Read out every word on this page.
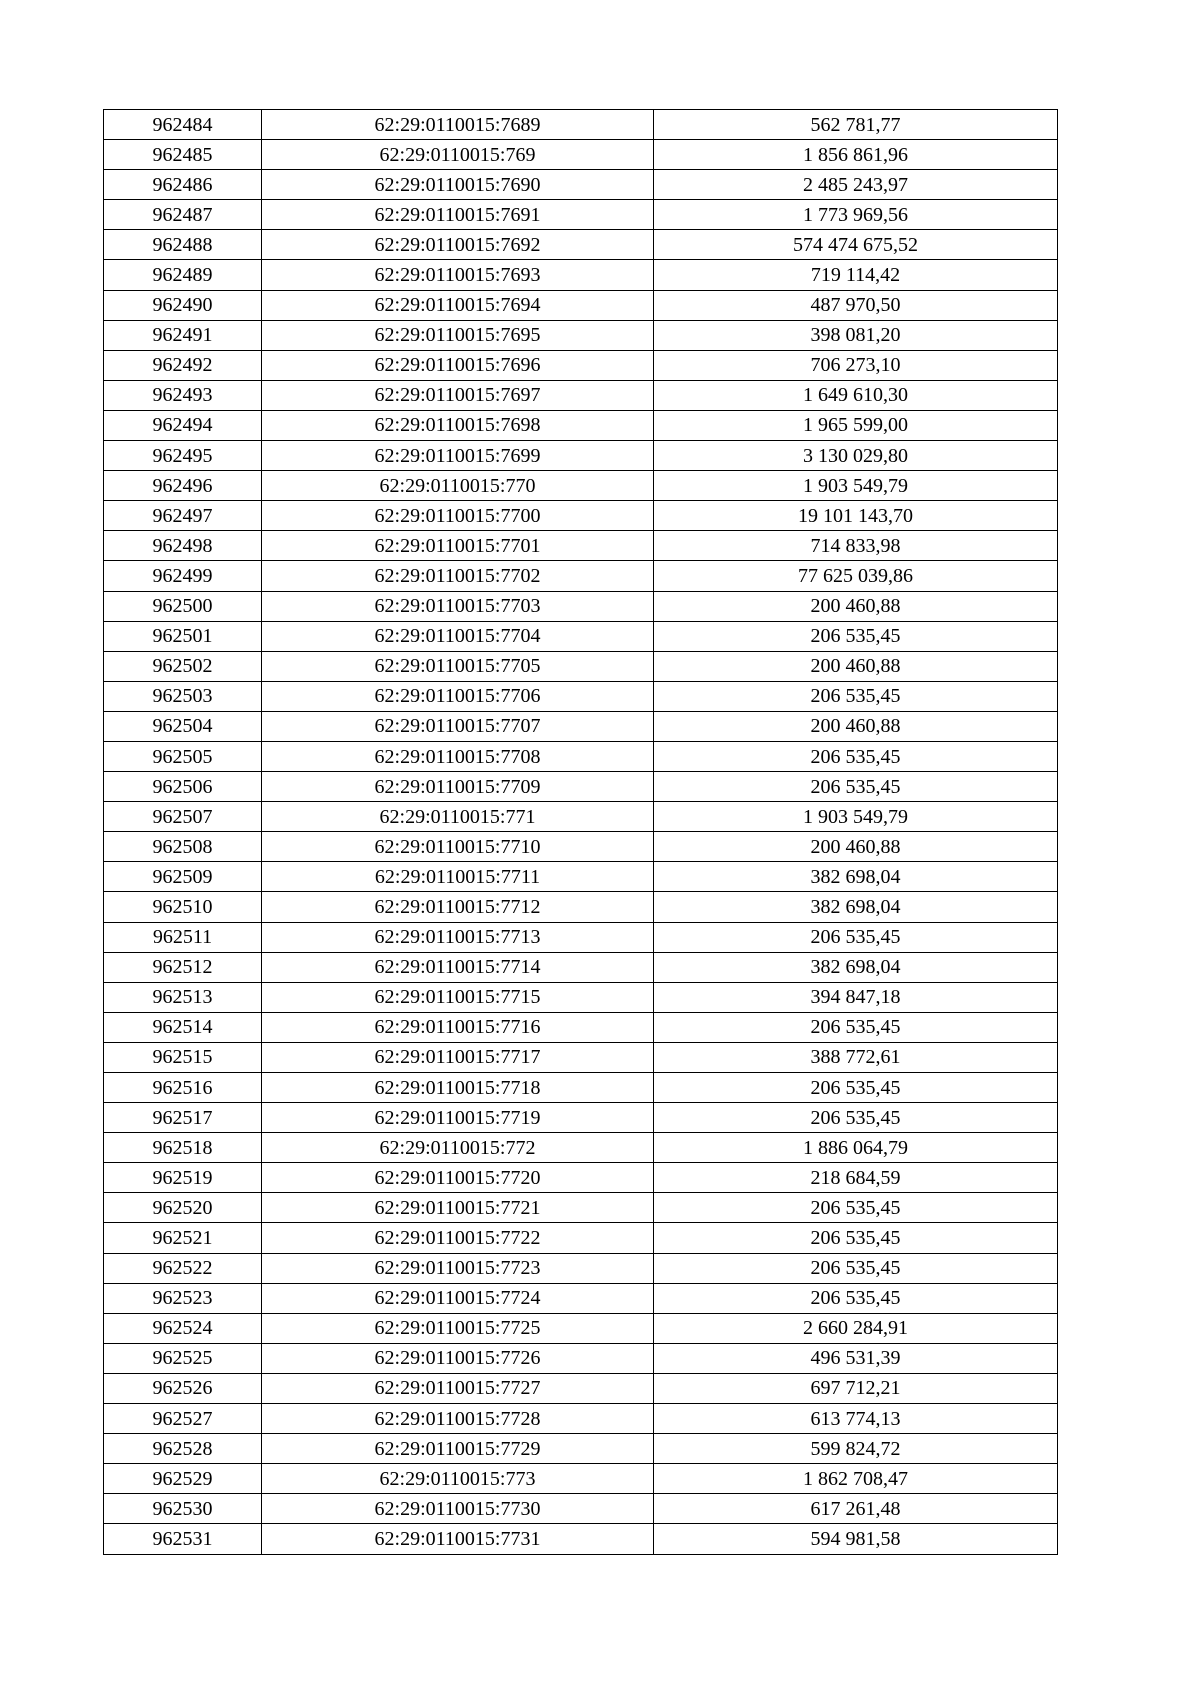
962484	62:29:0110015:7689	562 781,77
962485	62:29:0110015:769	1 856 861,96
962486	62:29:0110015:7690	2 485 243,97
962487	62:29:0110015:7691	1 773 969,56
962488	62:29:0110015:7692	574 474 675,52
962489	62:29:0110015:7693	719 114,42
962490	62:29:0110015:7694	487 970,50
962491	62:29:0110015:7695	398 081,20
962492	62:29:0110015:7696	706 273,10
962493	62:29:0110015:7697	1 649 610,30
962494	62:29:0110015:7698	1 965 599,00
962495	62:29:0110015:7699	3 130 029,80
962496	62:29:0110015:770	1 903 549,79
962497	62:29:0110015:7700	19 101 143,70
962498	62:29:0110015:7701	714 833,98
962499	62:29:0110015:7702	77 625 039,86
962500	62:29:0110015:7703	200 460,88
962501	62:29:0110015:7704	206 535,45
962502	62:29:0110015:7705	200 460,88
962503	62:29:0110015:7706	206 535,45
962504	62:29:0110015:7707	200 460,88
962505	62:29:0110015:7708	206 535,45
962506	62:29:0110015:7709	206 535,45
962507	62:29:0110015:771	1 903 549,79
962508	62:29:0110015:7710	200 460,88
962509	62:29:0110015:7711	382 698,04
962510	62:29:0110015:7712	382 698,04
962511	62:29:0110015:7713	206 535,45
962512	62:29:0110015:7714	382 698,04
962513	62:29:0110015:7715	394 847,18
962514	62:29:0110015:7716	206 535,45
962515	62:29:0110015:7717	388 772,61
962516	62:29:0110015:7718	206 535,45
962517	62:29:0110015:7719	206 535,45
962518	62:29:0110015:772	1 886 064,79
962519	62:29:0110015:7720	218 684,59
962520	62:29:0110015:7721	206 535,45
962521	62:29:0110015:7722	206 535,45
962522	62:29:0110015:7723	206 535,45
962523	62:29:0110015:7724	206 535,45
962524	62:29:0110015:7725	2 660 284,91
962525	62:29:0110015:7726	496 531,39
962526	62:29:0110015:7727	697 712,21
962527	62:29:0110015:7728	613 774,13
962528	62:29:0110015:7729	599 824,72
962529	62:29:0110015:773	1 862 708,47
962530	62:29:0110015:7730	617 261,48
962531	62:29:0110015:7731	594 981,58
